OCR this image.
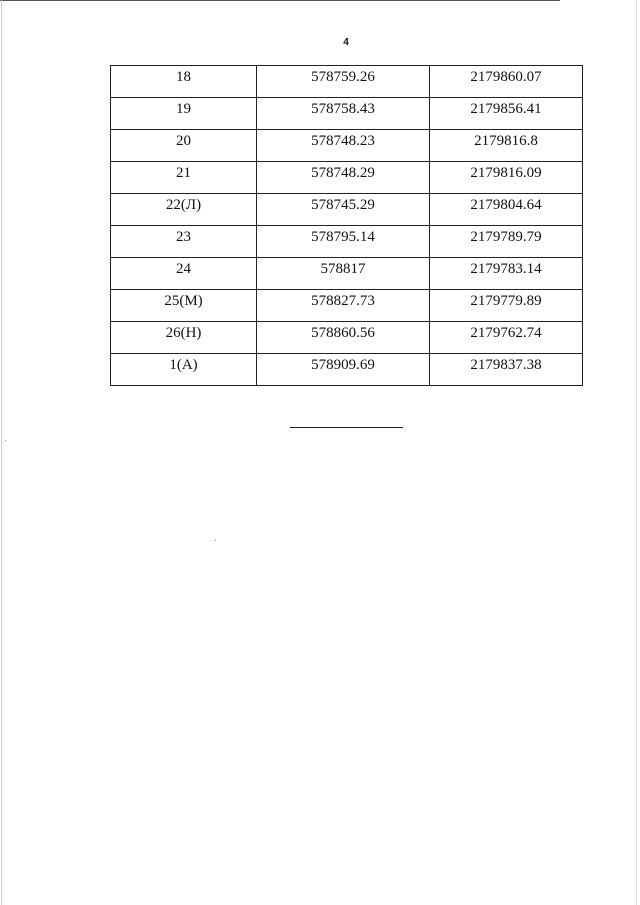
4
18	578759.26	2179860.07
19	578758.43	2179856.41
20	578748.23	2179816.8
21	578748.29	2179816.09
22(Л)	578745.29	2179804.64
23	578795.14	2179789.79
24	578817	2179783.14
25(М)	578827.73	2179779.89
26(Н)	578860.56	2179762.74
1(А)	578909.69	2179837.38
